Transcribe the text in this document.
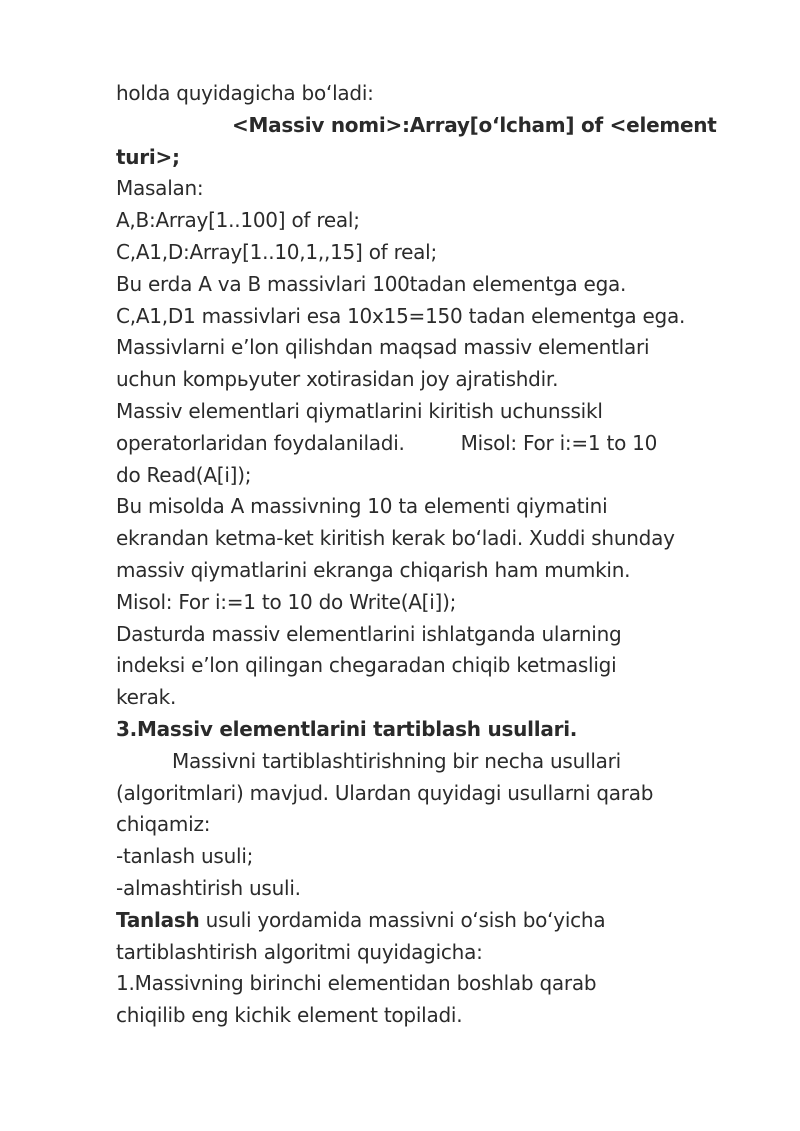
holda quyidagicha bo‘ladi:
<Massiv nomi>:Array[o‘lcham] of <element
turi>;
Masalan:
A,B:Array[1..100] of real;
C,A1,D:Array[1..10,1,,15] of real;
Bu erda A va B massivlari 100tadan elementga ega.
C,A1,D1 massivlari esa 10x15=150 tadan elementga ega.
Massivlarni e’lon qilishdan maqsad massiv elementlari
uchun kompьyuter xotirasidan joy ajratishdir.
Massiv elementlari qiymatlarini kiritish uchunssikl
operatorlaridan foydalaniladi.	Misol: For i:=1 to 10
do Read(A[i]);
Bu misolda A massivning 10 ta elementi qiymatini
ekrandan ketma-ket kiritish kerak bo‘ladi. Xuddi shunday
massiv qiymatlarini ekranga chiqarish ham mumkin.
Misol: For i:=1 to 10 do Write(A[i]);
Dasturda massiv elementlarini ishlatganda ularning
indeksi e’lon qilingan chegaradan chiqib ketmasligi
kerak.
3.Massiv elementlarini tartiblash usullari.
Massivni tartiblashtirishning bir necha usullari
(algoritmlari) mavjud. Ulardan quyidagi usullarni qarab
chiqamiz:
-tanlash usuli;
-almashtirish usuli.
Tanlash usuli yordamida massivni o‘sish bo‘yicha
tartiblashtirish algoritmi quyidagicha:
1.Massivning birinchi elementidan boshlab qarab
chiqilib eng kichik element topiladi.
